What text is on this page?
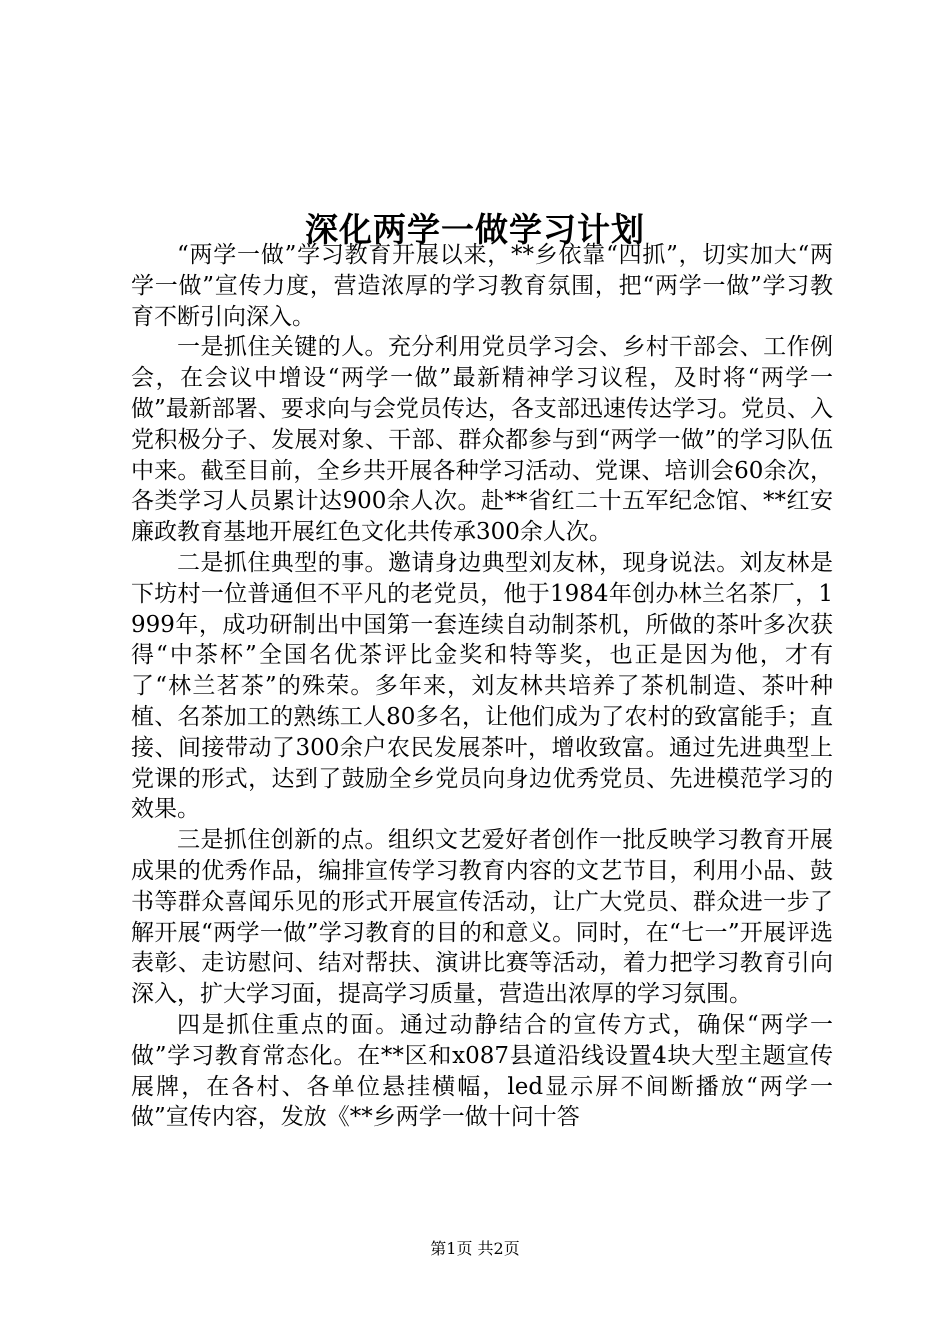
深化两学一做学习计划

“两学一做”学习教育开展以来，**乡依靠“四抓”，切实加大“两学一做”宣传力度，营造浓厚的学习教育氛围，把“两学一做”学习教育不断引向深入。

一是抓住关键的人。充分利用党员学习会、乡村干部会、工作例会，在会议中增设“两学一做”最新精神学习议程，及时将“两学一做”最新部署、要求向与会党员传达，各支部迅速传达学习。党员、入党积极分子、发展对象、干部、群众都参与到“两学一做”的学习队伍中来。截至目前，全乡共开展各种学习活动、党课、培训会60余次，各类学习人员累计达900余人次。赴**省红二十五军纪念馆、**红安廉政教育基地开展红色文化共传承300余人次。

二是抓住典型的事。邀请身边典型刘友林，现身说法。刘友林是下坊村一位普通但不平凡的老党员，他于1984年创办林兰名茶厂，1999年，成功研制出中国第一套连续自动制茶机，所做的茶叶多次获得“中茶杯”全国名优茶评比金奖和特等奖，也正是因为他，才有了“林兰茗茶”的殊荣。多年来，刘友林共培养了茶机制造、茶叶种植、名茶加工的熟练工人80多名，让他们成为了农村的致富能手；直接、间接带动了300余户农民发展茶叶，增收致富。通过先进典型上党课的形式，达到了鼓励全乡党员向身边优秀党员、先进模范学习的效果。

三是抓住创新的点。组织文艺爱好者创作一批反映学习教育开展成果的优秀作品，编排宣传学习教育内容的文艺节目，利用小品、鼓书等群众喜闻乐见的形式开展宣传活动，让广大党员、群众进一步了解开展“两学一做”学习教育的目的和意义。同时，在“七一”开展评选表彰、走访慰问、结对帮扶、演讲比赛等活动，着力把学习教育引向深入，扩大学习面，提高学习质量，营造出浓厚的学习氛围。

四是抓住重点的面。通过动静结合的宣传方式，确保“两学一做”学习教育常态化。在**区和x087县道沿线设置4块大型主题宣传展牌，在各村、各单位悬挂横幅，led显示屏不间断播放“两学一做”宣传内容，发放《**乡两学一做十问十答

第1页 共2页
